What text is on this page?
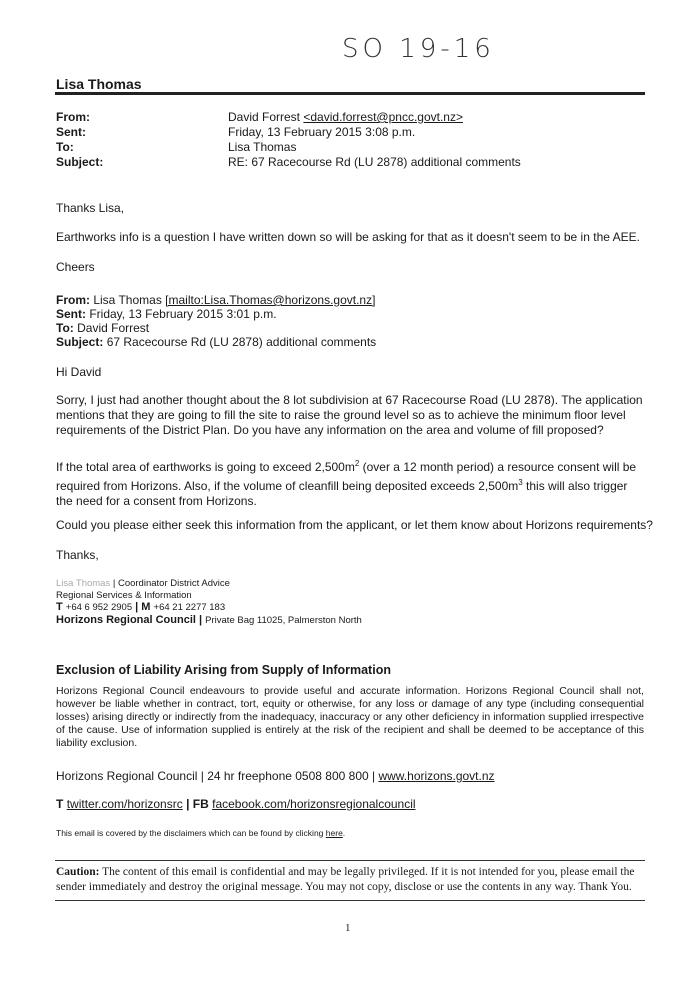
SO 19-16
Lisa Thomas
From:	David Forrest <david.forrest@pncc.govt.nz>
Sent:	Friday, 13 February 2015 3:08 p.m.
To:	Lisa Thomas
Subject:	RE: 67 Racecourse Rd (LU 2878) additional comments
Thanks Lisa,
Earthworks info is a question I have written down so will be asking for that as it doesn't seem to be in the AEE.
Cheers
From: Lisa Thomas [mailto:Lisa.Thomas@horizons.govt.nz]
Sent: Friday, 13 February 2015 3:01 p.m.
To: David Forrest
Subject: 67 Racecourse Rd (LU 2878) additional comments
Hi David
Sorry, I just had another thought about the 8 lot subdivision at 67 Racecourse Road (LU 2878). The application mentions that they are going to fill the site to raise the ground level so as to achieve the minimum floor level requirements of the District Plan. Do you have any information on the area and volume of fill proposed?
If the total area of earthworks is going to exceed $2,500m^2$ (over a 12 month period) a resource consent will be required from Horizons. Also, if the volume of cleanfill being deposited exceeds $2,500m^3$ this will also trigger the need for a consent from Horizons.
Could you please either seek this information from the applicant, or let them know about Horizons requirements?
Thanks,
Lisa Thomas | Coordinator District Advice
Regional Services & Information
T +64 6 952 2905 | M +64 21 2277 183
Horizons Regional Council | Private Bag 11025, Palmerston North
Exclusion of Liability Arising from Supply of Information
Horizons Regional Council endeavours to provide useful and accurate information. Horizons Regional Council shall not, however be liable whether in contract, tort, equity or otherwise, for any loss or damage of any type (including consequential losses) arising directly or indirectly from the inadequacy, inaccuracy or any other deficiency in information supplied irrespective of the cause. Use of information supplied is entirely at the risk of the recipient and shall be deemed to be acceptance of this liability exclusion.
Horizons Regional Council | 24 hr freephone 0508 800 800 | www.horizons.govt.nz
T twitter.com/horizonsrc | FB facebook.com/horizonsregionalcouncil
This email is covered by the disclaimers which can be found by clicking here.
Caution: The content of this email is confidential and may be legally privileged. If it is not intended for you, please email the sender immediately and destroy the original message. You may not copy, disclose or use the contents in any way. Thank You.
1
